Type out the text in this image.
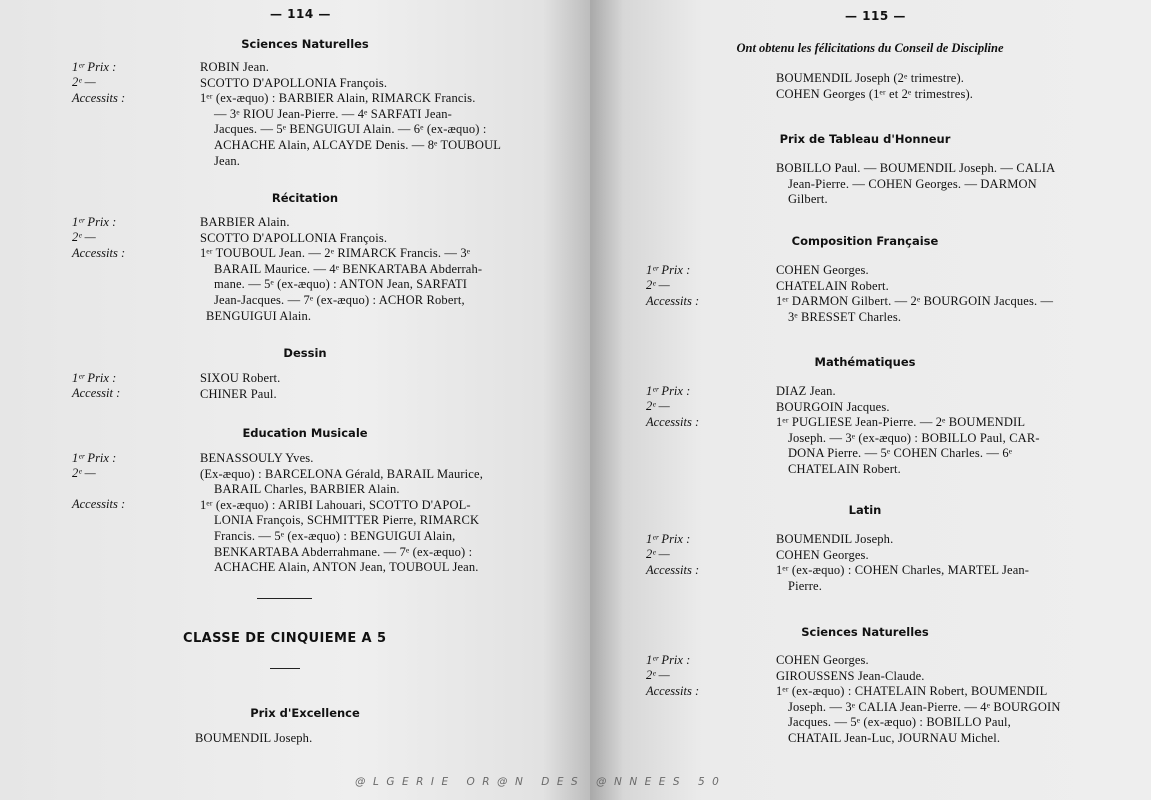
— 114 —
Sciences Naturelles
1ᵉʳ Prix :
2ᵉ —
Accessits :
ROBIN Jean.
SCOTTO D'APOLLONIA François.
1ᵉʳ (ex-æquo) : BARBIER Alain, RIMARCK Francis.
— 3ᵉ RIOU Jean-Pierre. — 4ᵉ SARFATI Jean-
Jacques. — 5ᵉ BENGUIGUI Alain. — 6ᵉ (ex-æquo) :
ACHACHE Alain, ALCAYDE Denis. — 8ᵉ TOUBOUL
Jean.
Récitation
1ᵉʳ Prix :
2ᵉ —
Accessits :
BARBIER Alain.
SCOTTO D'APOLLONIA François.
1ᵉʳ TOUBOUL Jean. — 2ᵉ RIMARCK Francis. — 3ᵉ
BARAIL Maurice. — 4ᵉ BENKARTABA Abderrah-
mane. — 5ᵉ (ex-æquo) : ANTON Jean, SARFATI
Jean-Jacques. — 7ᵉ (ex-æquo) : ACHOR Robert,
BENGUIGUI Alain.
Dessin
1ᵉʳ Prix :
Accessit :
SIXOU Robert.
CHINER Paul.
Education Musicale
1ᵉʳ Prix :
2ᵉ —
Accessits :
BENASSOULY Yves.
(Ex-æquo) : BARCELONA Gérald, BARAIL Maurice,
BARAIL Charles, BARBIER Alain.
1ᵉʳ (ex-æquo) : ARIBI Lahouari, SCOTTO D'APOL-
LONIA François, SCHMITTER Pierre, RIMARCK
Francis. — 5ᵉ (ex-æquo) : BENGUIGUI Alain,
BENKARTABA Abderrahmane. — 7ᵉ (ex-æquo) :
ACHACHE Alain, ANTON Jean, TOUBOUL Jean.
CLASSE DE CINQUIEME A 5
Prix d'Excellence
BOUMENDIL Joseph.
— 115 —
Ont obtenu les félicitations du Conseil de Discipline
BOUMENDIL Joseph (2ᵉ trimestre).
COHEN Georges (1ᵉʳ et 2ᵉ trimestres).
Prix de Tableau d'Honneur
BOBILLO Paul. — BOUMENDIL Joseph. — CALIA
Jean-Pierre. — COHEN Georges. — DARMON
Gilbert.
Composition Française
1ᵉʳ Prix :
2ᵉ —
Accessits :
COHEN Georges.
CHATELAIN Robert.
1ᵉʳ DARMON Gilbert. — 2ᵉ BOURGOIN Jacques. —
3ᵉ BRESSET Charles.
Mathématiques
1ᵉʳ Prix :
2ᵉ —
Accessits :
DIAZ Jean.
BOURGOIN Jacques.
1ᵉʳ PUGLIESE Jean-Pierre. — 2ᵉ BOUMENDIL
Joseph. — 3ᵉ (ex-æquo) : BOBILLO Paul, CAR-
DONA Pierre. — 5ᵉ COHEN Charles. — 6ᵉ
CHATELAIN Robert.
Latin
1ᵉʳ Prix :
2ᵉ —
Accessits :
BOUMENDIL Joseph.
COHEN Georges.
1ᵉʳ (ex-æquo) : COHEN Charles, MARTEL Jean-
Pierre.
Sciences Naturelles
1ᵉʳ Prix :
2ᵉ —
Accessits :
COHEN Georges.
GIROUSSENS Jean-Claude.
1ᵉʳ (ex-æquo) : CHATELAIN Robert, BOUMENDIL
Joseph. — 3ᵉ CALIA Jean-Pierre. — 4ᵉ BOURGOIN
Jacques. — 5ᵉ (ex-æquo) : BOBILLO Paul,
CHATAIL Jean-Luc, JOURNAU Michel.
@LGERIE OR@N DES @NNEES 50
